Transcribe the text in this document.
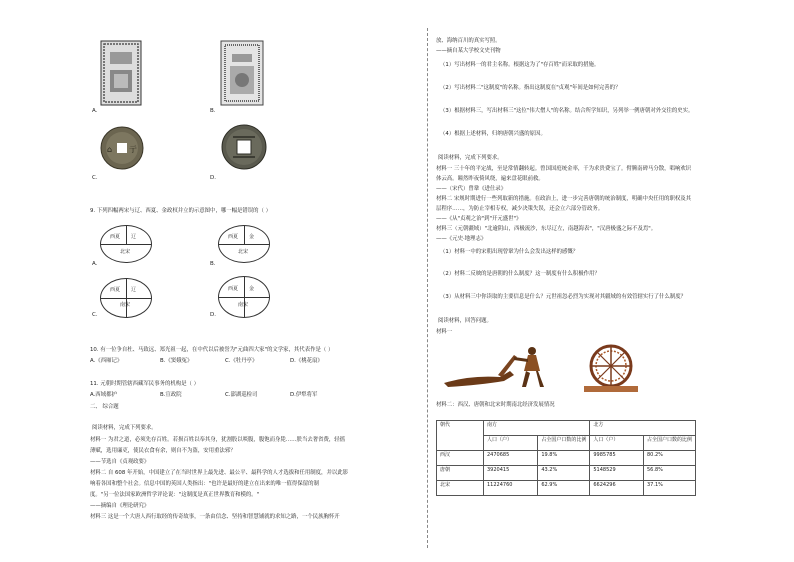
A.	B.
⌂ 亍
C.	D.
9. 下列四幅两宋与辽、西夏、金政权并立的示意图中，哪一幅是错误的（ ）
西夏 辽
北宋
西夏 金
北宋
A.	B.
西夏 辽
南宋
西夏 金
南宋
C.	D.
10. 有一位争自杜、马致远、郑光祖一起，在中代以后被誉为"元曲四大家"的文学家，其代表作是（ ）
A.《西厢记》	B.《窦娥冤》	C.《牡丹亭》	D.《桃花扇》
11. 元朝时期管辖西藏军民事务的机构是（ ）
A.西域都护	B.宣政院	C.澎湖巡检司	D.伊犁将军
二、 综合题
阅读材料，完成下列要求。
材料一 为君之道，必须先存百姓。若损百姓以奉其身，犹割股以啖腹，腹饱而身毙……朕当去奢省费，轻徭
薄赋，选用廉吏，使民衣食有余，则自不为盗，安用重法邪？
——节选自《贞观政要》
材料二 自 608 年开始，中国建立了在当时世界上最先进、最公平、最科学的人才选拔和任用制度，并以此影
响着各国和整个社会。信息中国的英国人类指出："也许是最好的建立在出来的唯一值得保留的制
度。"另一位法国家欧洲哲学评论说："这制度是真正世界教育和模的。"
——摘编自《理论研究》
材料三 这是一个大唐人西行取经的传奇故事，一条由信念、坚持和智慧铺就的求知之路，一个民族胸怀开
放、海纳百川的真实写照。
——摘自某大学校文史刊物
（1）写出材料一的君主名称。根据这为了"存百姓"而采取的措施。
（2）写出材料二"这制度"的名称。指出这制度在"贞观"年间是如何完善的？
（3）根据材料三，写出材料三"这位"伟大僧人"的名称。结合所学知识，另列举一例唐朝对外交往的史实。
（4）根据上述材料，归纳唐朝兴盛的原因。
阅读材料，完成下列要求。
材料一 三十年的平定战，至是常情翻转起。曾国国庭统金率，千为求贵费宝了。臂腾南碑马分散，唱响欢识
体云高。瞳然昨夜倚风绕，遍来盘花眼前救。
——（宋代）曾鞏《进仕录》
材料二 宋规时期进行一些列取新的措施。在政治上，进一步完善唐朝的统治制度，明确中央任用的职权及其
层程序……，为防止宰相专权，减少决策失误，还会立六部分管政务。
——《从"贞观之治"到"开元盛世"》
材料三（元朝疆域）"北逾阴山，西极流沙，东尽辽左，南越海表"，"汉唐极盛之际不及焉"。
——《元史·地理志》
（1）材料一中的宋朝出现曾鞏为什么会发出这样的感慨？
（2）材料二反映的是唐朝的什么制度？这一制度有什么积极作用？
（3）从材料三中你读取的主要信息是什么？元世祖忽必烈为实现对其疆域的有效管辖实行了什么制度？
阅读材料，回答问题。
材料一
材料二：西汉、唐朝和北宋时期南北经济发展情况
朝代	南方		北方	
	人口（户）	占全国户口数的比例	人口（户）	占全国户口数的比例
西汉	2470685	19.8%	9985785	80.2%
唐朝	3920415	43.2%	5148529	56.8%
北宋	11224760	62.9%	6624296	37.1%
